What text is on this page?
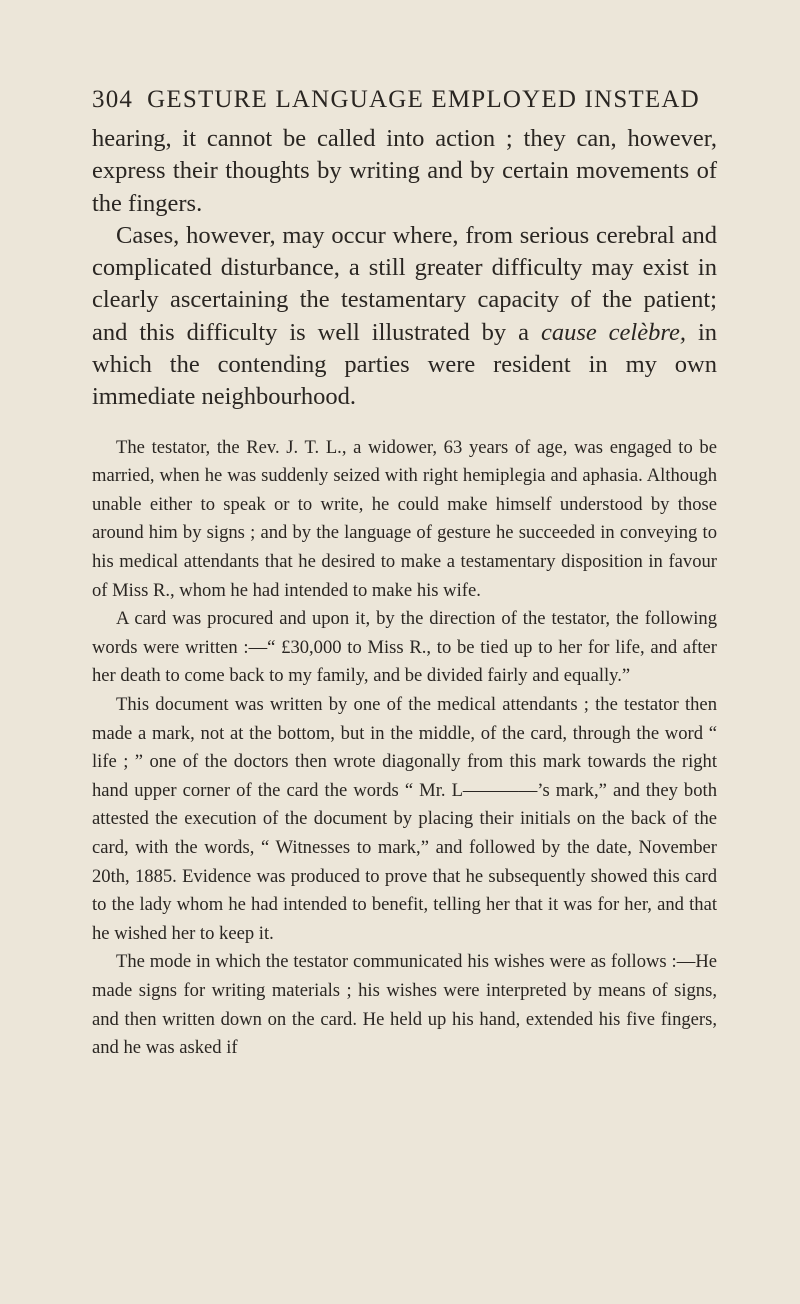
304 GESTURE LANGUAGE EMPLOYED INSTEAD

hearing, it cannot be called into action ; they can, however, express their thoughts by writing and by certain movements of the fingers.

Cases, however, may occur where, from serious cerebral and complicated disturbance, a still greater difficulty may exist in clearly ascertaining the testamentary capacity of the patient; and this difficulty is well illustrated by a cause celèbre, in which the contending parties were resident in my own immediate neighbourhood.

The testator, the Rev. J. T. L., a widower, 63 years of age, was engaged to be married, when he was suddenly seized with right hemiplegia and aphasia. Although unable either to speak or to write, he could make himself understood by those around him by signs ; and by the language of gesture he succeeded in conveying to his medical attendants that he desired to make a testamentary disposition in favour of Miss R., whom he had intended to make his wife.

A card was procured and upon it, by the direction of the testator, the following words were written :—“ £30,000 to Miss R., to be tied up to her for life, and after her death to come back to my family, and be divided fairly and equally.”

This document was written by one of the medical attendants ; the testator then made a mark, not at the bottom, but in the middle, of the card, through the word “ life ; ” one of the doctors then wrote diagonally from this mark towards the right hand upper corner of the card the words “ Mr. L————’s mark,” and they both attested the execution of the document by placing their initials on the back of the card, with the words, “ Witnesses to mark,” and followed by the date, November 20th, 1885. Evidence was produced to prove that he subsequently showed this card to the lady whom he had intended to benefit, telling her that it was for her, and that he wished her to keep it.

The mode in which the testator communicated his wishes were as follows :—He made signs for writing materials ; his wishes were interpreted by means of signs, and then written down on the card. He held up his hand, extended his five fingers, and he was asked if
